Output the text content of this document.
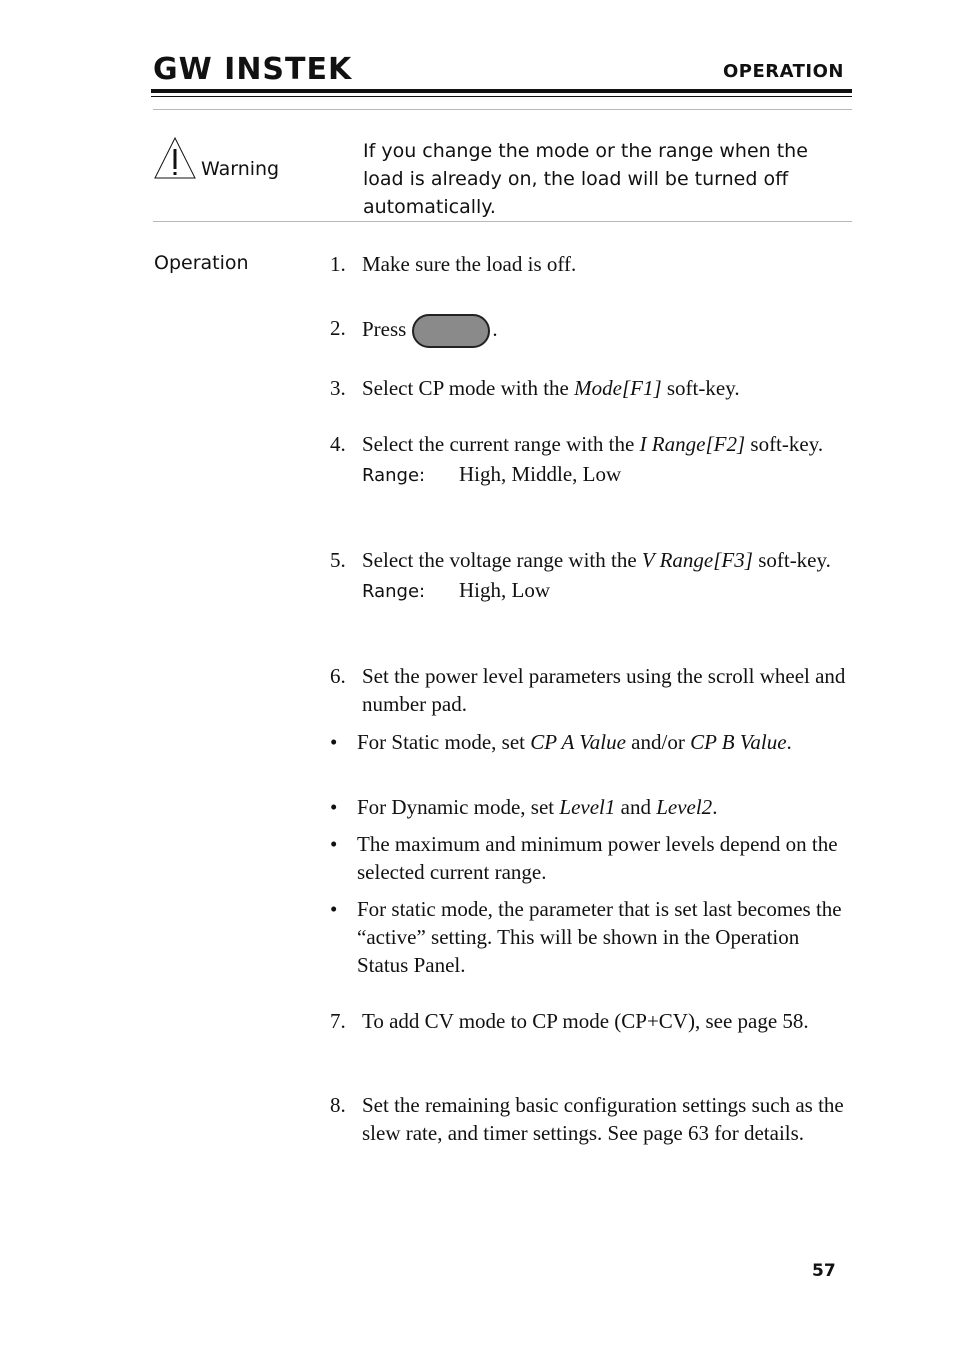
GW INSTEK	OPERATION
Warning
If you change the mode or the range when the load is already on, the load will be turned off automatically.
Operation	1. Make sure the load is off.
2. Press	.
3. Select CP mode with the Mode[F1] soft-key.
4. Select the current range with the I Range[F2] soft-key.
Range: High, Middle, Low
5. Select the voltage range with the V Range[F3] soft-key.
Range: High, Low
6. Set the power level parameters using the scroll wheel and number pad.
• For Static mode, set CP A Value and/or CP B Value.
• For Dynamic mode, set Level1 and Level2.
• The maximum and minimum power levels depend on the selected current range.
• For static mode, the parameter that is set last becomes the “active” setting. This will be shown in the Operation Status Panel.
7. To add CV mode to CP mode (CP+CV), see page 58.
8. Set the remaining basic configuration settings such as the slew rate, and timer settings. See page 63 for details.
57
